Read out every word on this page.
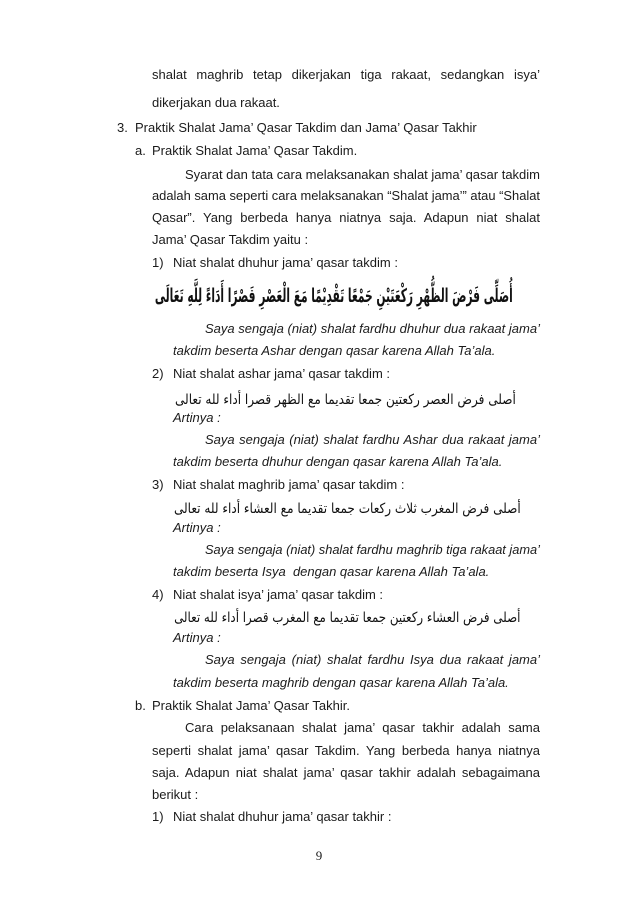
shalat maghrib tetap dikerjakan tiga rakaat, sedangkan isya’
dikerjakan dua rakaat.
3. Praktik Shalat Jama’ Qasar Takdim dan Jama’ Qasar Takhir
a. Praktik Shalat Jama’ Qasar Takdim.
Syarat dan tata cara melaksanakan shalat jama’ qasar takdim
adalah sama seperti cara melaksanakan “Shalat jama’” atau “Shalat
Qasar”. Yang berbeda hanya niatnya saja. Adapun niat shalat
Jama’ Qasar Takdim yaitu :
1) Niat shalat dhuhur jama’ qasar takdim :
أُصَلِّى فَرْضَ الظُّهْرِ رَكْعَتَيْنِ جَمْعًا تَقْدِيْمًا مَعَ الْعَصْرِ قَصْرًا أَدَاءً لِلَّهِ تَعَالَى
Saya sengaja (niat) shalat fardhu dhuhur dua rakaat jama’
takdim beserta Ashar dengan qasar karena Allah Ta’ala.
2) Niat shalat ashar jama’ qasar takdim :
أصلى فرض العصر ركعتين جمعا تقديما مع الظهر قصرا أداء لله تعالى
Artinya :
Saya sengaja (niat) shalat fardhu Ashar dua rakaat jama’
takdim beserta dhuhur dengan qasar karena Allah Ta’ala.
3) Niat shalat maghrib jama’ qasar takdim :
أصلى فرض المغرب ثلاث ركعات جمعا تقديما مع العشاء أداء لله تعالى
Artinya :
Saya sengaja (niat) shalat fardhu maghrib tiga rakaat jama’
takdim beserta Isya  dengan qasar karena Allah Ta’ala.
4) Niat shalat isya’ jama’ qasar takdim :
أصلى فرض العشاء ركعتين جمعا تقديما مع المغرب قصرا أداء لله تعالى
Artinya :
Saya sengaja (niat) shalat fardhu Isya dua rakaat jama’
takdim beserta maghrib dengan qasar karena Allah Ta’ala.
b. Praktik Shalat Jama’ Qasar Takhir.
Cara pelaksanaan shalat jama’ qasar takhir adalah sama
seperti shalat jama’ qasar Takdim. Yang berbeda hanya niatnya
saja. Adapun niat shalat jama’ qasar takhir adalah sebagaimana
berikut :
1) Niat shalat dhuhur jama’ qasar takhir :
9
